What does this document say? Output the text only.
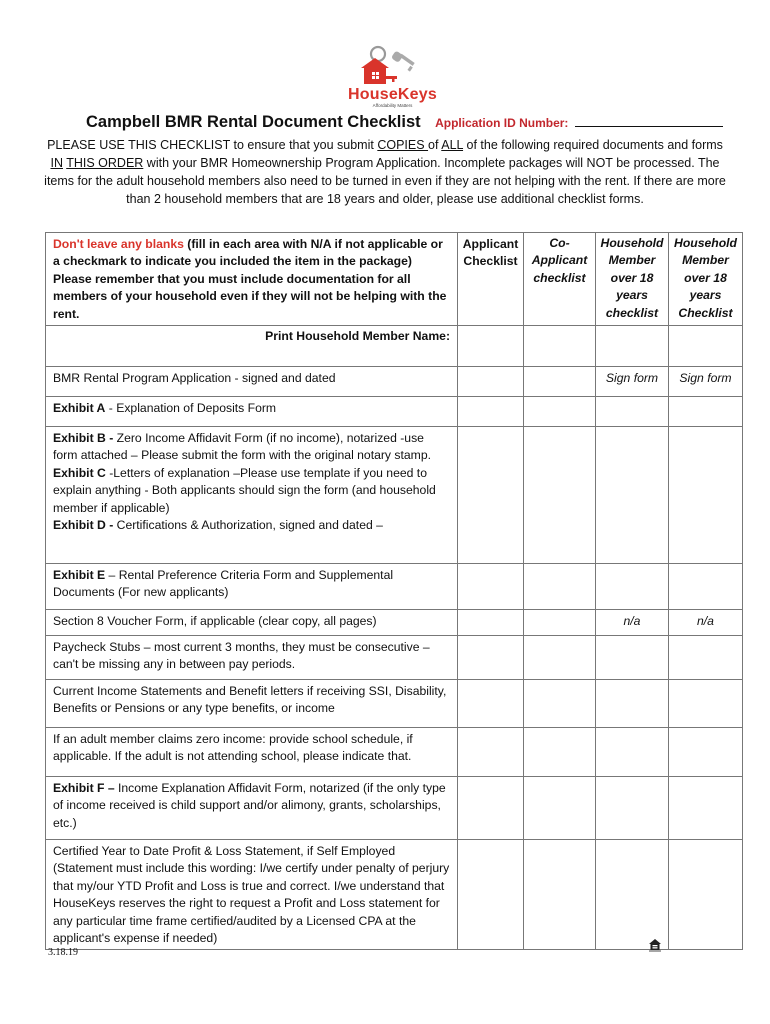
HouseKeys
Affordability Matters
Campbell BMR Rental Document Checklist Application ID Number:
PLEASE USE THIS CHECKLIST to ensure that you submit COPIES of ALL of the following required documents and forms IN THIS ORDER with your BMR Homeownership Program Application. Incomplete packages will NOT be processed. The items for the adult household members also need to be turned in even if they are not helping with the rent. If there are more than 2 household members that are 18 years and older, please use additional checklist forms.
Don't leave any blanks (fill in each area with N/A if not applicable or a checkmark to indicate you included the item in the package) Please remember that you must include documentation for all members of your household even if they will not be helping with the rent.	Applicant Checklist	Co-Applicant checklist	Household Member over 18 years checklist	Household Member over 18 years Checklist
Print Household Member Name:				
BMR Rental Program Application - signed and dated			Sign form	Sign form
Exhibit A - Explanation of Deposits Form				
Exhibit B - Zero Income Affidavit Form (if no income), notarized -use form attached – Please submit the form with the original notary stamp.
Exhibit C -Letters of explanation –Please use template if you need to explain anything - Both applicants should sign the form (and household member if applicable)
Exhibit D - Certifications & Authorization, signed and dated –				
Exhibit E – Rental Preference Criteria Form and Supplemental Documents (For new applicants)				
Section 8 Voucher Form, if applicable (clear copy, all pages)			n/a	n/a
Paycheck Stubs – most current 3 months, they must be consecutive – can't be missing any in between pay periods.				
Current Income Statements and Benefit letters if receiving SSI, Disability, Benefits or Pensions or any type benefits, or income				
If an adult member claims zero income: provide school schedule, if applicable. If the adult is not attending school, please indicate that.				
Exhibit F – Income Explanation Affidavit Form, notarized (if the only type of income received is child support and/or alimony, grants, scholarships, etc.)				
Certified Year to Date Profit & Loss Statement, if Self Employed (Statement must include this wording: I/we certify under penalty of perjury that my/our YTD Profit and Loss is true and correct. I/we understand that HouseKeys reserves the right to request a Profit and Loss statement for any particular time frame certified/audited by a Licensed CPA at the applicant's expense if needed)				
3.18.19
